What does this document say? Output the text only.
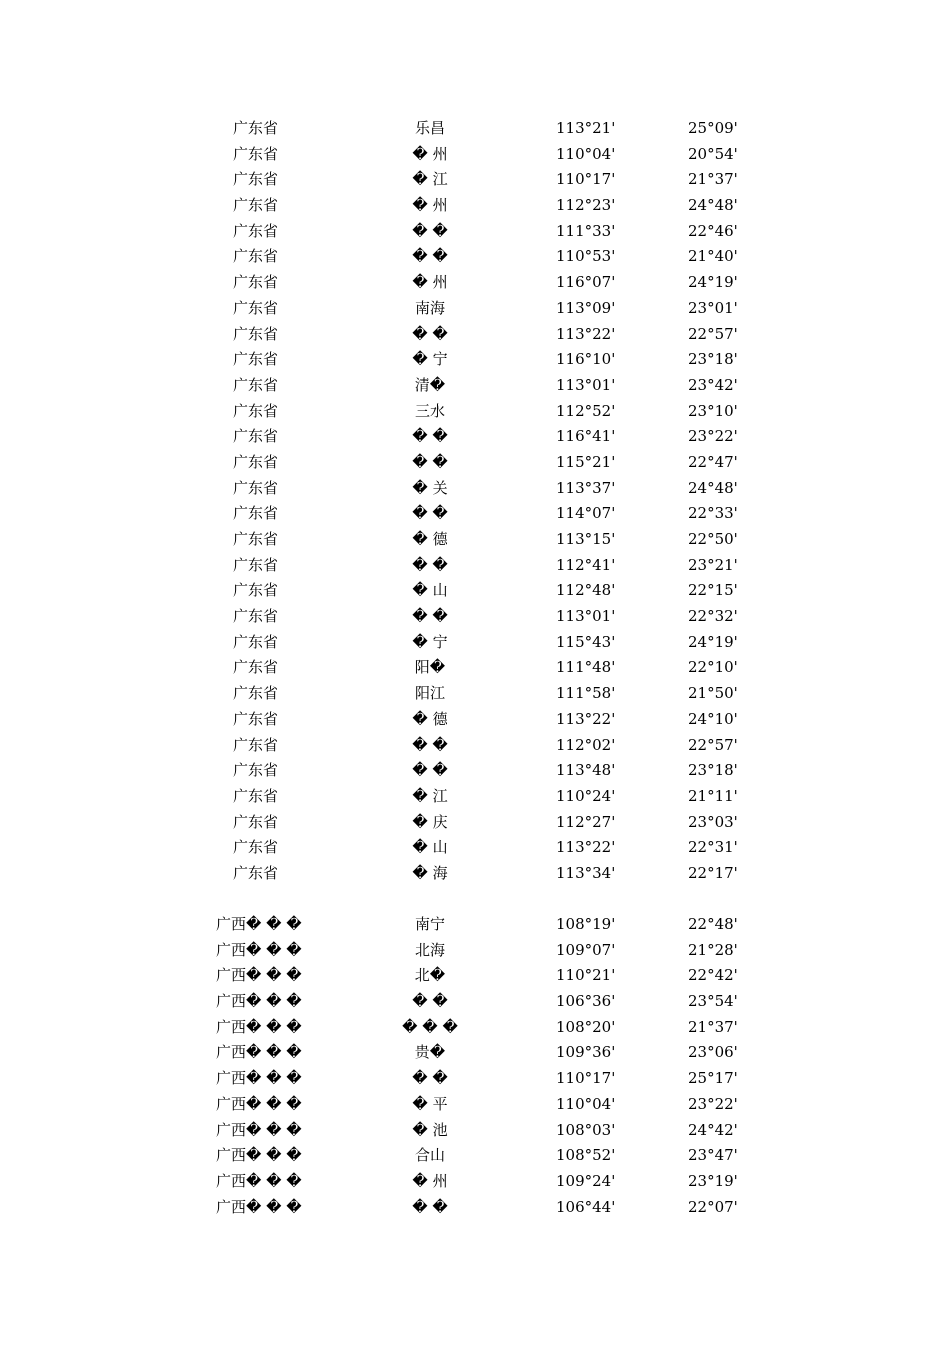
广东省	乐昌	113°21'	25°09'
广东省	� 州	110°04'	20°54'
广东省	� 江	110°17'	21°37'
广东省	� 州	112°23'	24°48'
广东省	� �	111°33'	22°46'
广东省	� �	110°53'	21°40'
广东省	� 州	116°07'	24°19'
广东省	南海	113°09'	23°01'
广东省	� �	113°22'	22°57'
广东省	� 宁	116°10'	23°18'
广东省	清�	113°01'	23°42'
广东省	三水	112°52'	23°10'
广东省	� �	116°41'	23°22'
广东省	� �	115°21'	22°47'
广东省	� 关	113°37'	24°48'
广东省	� �	114°07'	22°33'
广东省	� 德	113°15'	22°50'
广东省	� �	112°41'	23°21'
广东省	� 山	112°48'	22°15'
广东省	� �	113°01'	22°32'
广东省	� 宁	115°43'	24°19'
广东省	阳�	111°48'	22°10'
广东省	阳江	111°58'	21°50'
广东省	� 德	113°22'	24°10'
广东省	� �	112°02'	22°57'
广东省	� �	113°48'	23°18'
广东省	� 江	110°24'	21°11'
广东省	� 庆	112°27'	23°03'
广东省	� 山	113°22'	22°31'
广东省	� 海	113°34'	22°17'
广西� � �	南宁	108°19'	22°48'
广西� � �	北海	109°07'	21°28'
广西� � �	北�	110°21'	22°42'
广西� � �	� �	106°36'	23°54'
广西� � �	� � �	108°20'	21°37'
广西� � �	贵�	109°36'	23°06'
广西� � �	� �	110°17'	25°17'
广西� � �	� 平	110°04'	23°22'
广西� � �	� 池	108°03'	24°42'
广西� � �	合山	108°52'	23°47'
广西� � �	� 州	109°24'	23°19'
广西� � �	� �	106°44'	22°07'
